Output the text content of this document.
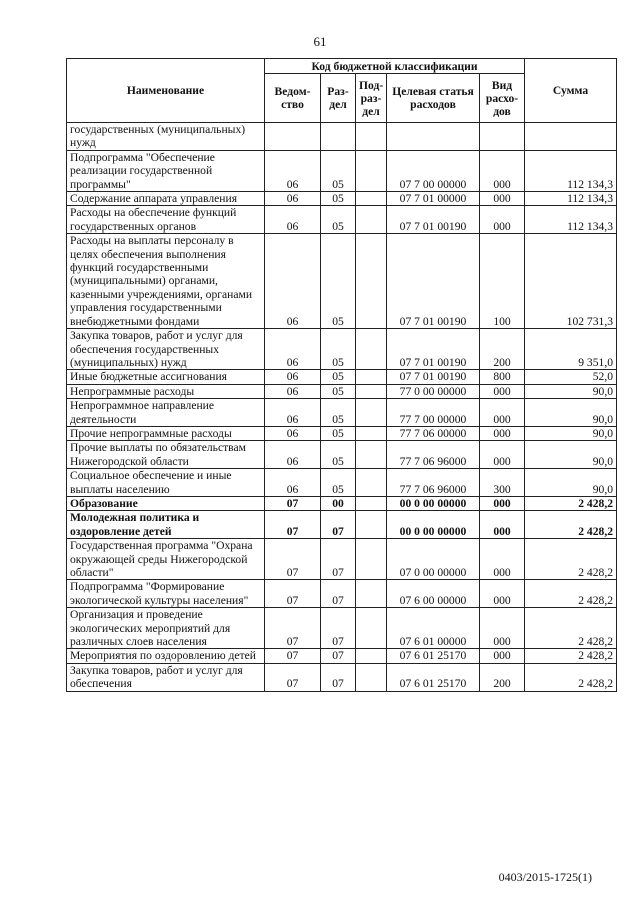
61
Наименование	Код бюджетной классификации					Сумма
	Ведом-ство	Раз-дел	Под-раз-дел	Целевая статья расходов	Вид расхо-дов	
государственных (муниципальных) нужд						
Подпрограмма "Обеспечение реализации государственной программы"	06	05		07 7 00 00000	000	112 134,3
Содержание аппарата управления	06	05		07 7 01 00000	000	112 134,3
Расходы на обеспечение функций государственных органов	06	05		07 7 01 00190	000	112 134,3
Расходы на выплаты персоналу в целях обеспечения выполнения функций государственными (муниципальными) органами, казенными учреждениями, органами управления государственными внебюджетными фондами	06	05		07 7 01 00190	100	102 731,3
Закупка товаров, работ и услуг для обеспечения государственных (муниципальных) нужд	06	05		07 7 01 00190	200	9 351,0
Иные бюджетные ассигнования	06	05		07 7 01 00190	800	52,0
Непрограммные расходы	06	05		77 0 00 00000	000	90,0
Непрограммное направление деятельности	06	05		77 7 00 00000	000	90,0
Прочие непрограммные расходы	06	05		77 7 06 00000	000	90,0
Прочие выплаты по обязательствам Нижегородской области	06	05		77 7 06 96000	000	90,0
Социальное обеспечение и иные выплаты населению	06	05		77 7 06 96000	300	90,0
Образование	07	00		00 0 00 00000	000	2 428,2
Молодежная политика и оздоровление детей	07	07		00 0 00 00000	000	2 428,2
Государственная программа "Охрана окружающей среды Нижегородской области"	07	07		07 0 00 00000	000	2 428,2
Подпрограмма "Формирование экологической культуры населения"	07	07		07 6 00 00000	000	2 428,2
Организация и проведение экологических мероприятий для различных слоев населения	07	07		07 6 01 00000	000	2 428,2
Мероприятия по оздоровлению детей	07	07		07 6 01 25170	000	2 428,2
Закупка товаров, работ и услуг для обеспечения	07	07		07 6 01 25170	200	2 428,2
0403/2015-1725(1)
